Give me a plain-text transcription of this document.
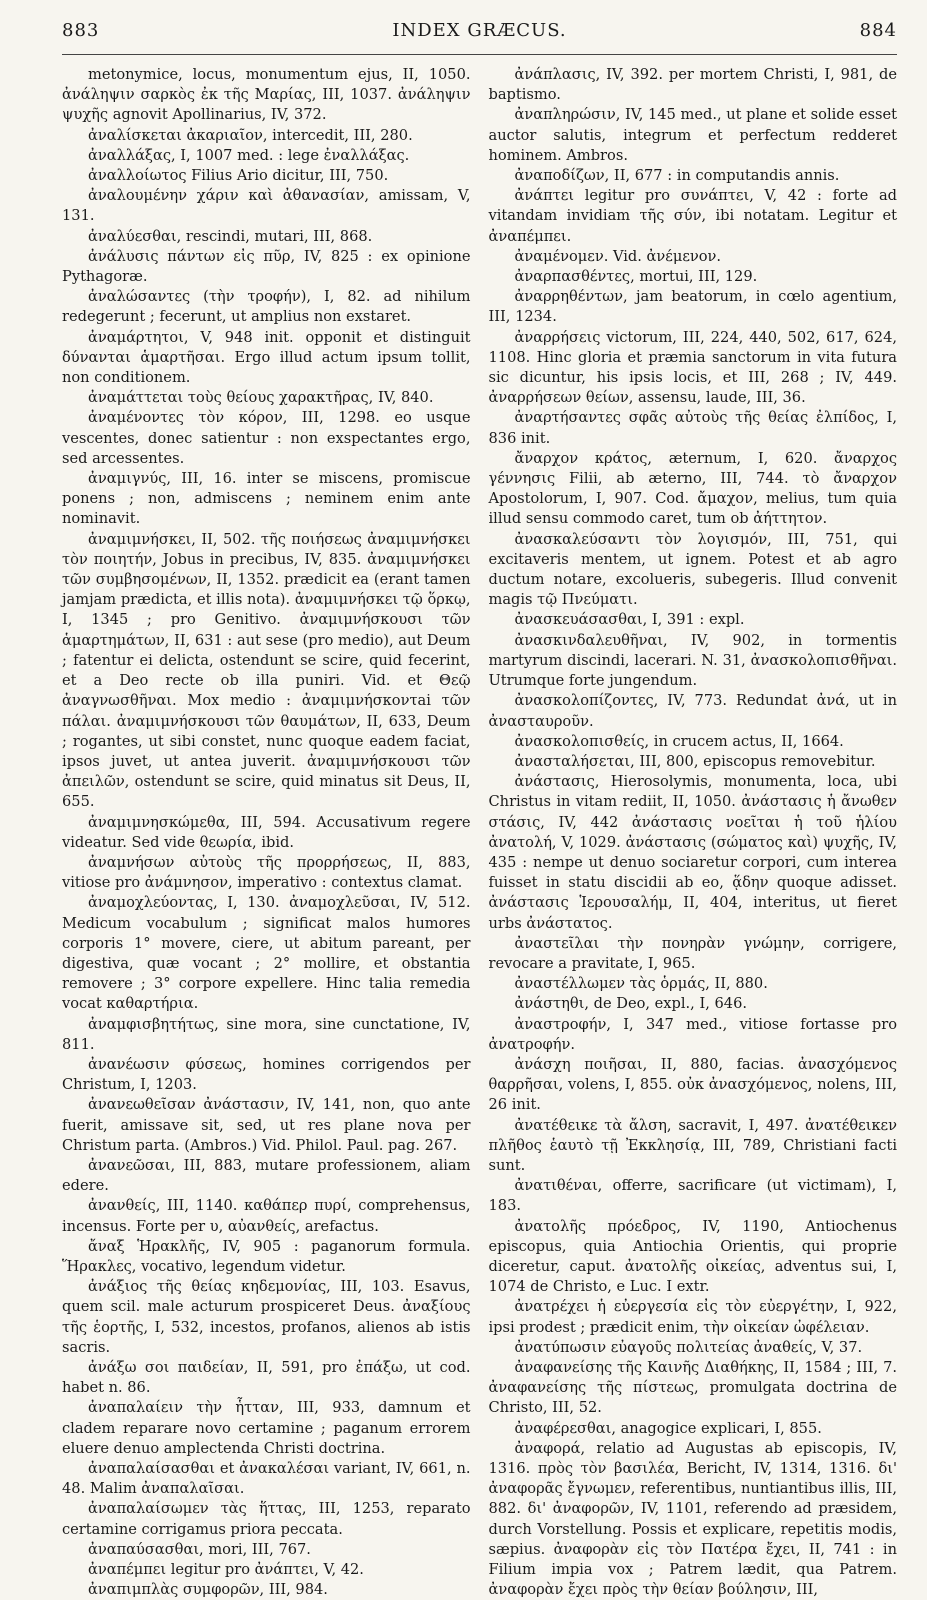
883	INDEX GRÆCUS.	884

metonymice, locus, monumentum ejus, II, 1050. ἀνάληψιν σαρκὸς ἐκ τῆς Μαρίας, III, 1037. ἀνάληψιν ψυχῆς agnovit Apollinarius, IV, 372.

ἀναλίσκεται ἀκαριαῖον, intercedit, III, 280.

ἀναλλάξας, I, 1007 med. : lege ἐναλλάξας.

ἀναλλοίωτος Filius Ario dicitur, III, 750.

ἀναλουμένην χάριν καὶ ἀθανασίαν, amissam, V, 131.

ἀναλύεσθαι, rescindi, mutari, III, 868.

ἀνάλυσις πάντων εἰς πῦρ, IV, 825 : ex opinione Pythagoræ.

ἀναλώσαντες (τὴν τροφήν), I, 82. ad nihilum redegerunt ; fecerunt, ut amplius non exstaret.

ἀναμάρτητοι, V, 948 init. opponit et distinguit δύνανται ἁμαρτῆσαι. Ergo illud actum ipsum tollit, non conditionem.

ἀναμάττεται τοὺς θείους χαρακτῆρας, IV, 840.

ἀναμένοντες τὸν κόρον, III, 1298. eo usque vescentes, donec satientur : non exspectantes ergo, sed arcessentes.

ἀναμιγνύς, III, 16. inter se miscens, promiscue ponens ; non, admiscens ; neminem enim ante nominavit.

ἀναμιμνήσκει, II, 502. τῆς ποιήσεως ἀναμιμνήσκει τὸν ποιητήν, Jobus in precibus, IV, 835. ἀναμιμνήσκει τῶν συμβησομένων, II, 1352. prædicit ea (erant tamen jamjam prædicta, et illis nota). ἀναμιμνήσκει τῷ ὅρκῳ, I, 1345 ; pro Genitivo. ἀναμιμνήσκουσι τῶν ἁμαρτημάτων, II, 631 : aut sese (pro medio), aut Deum ; fatentur ei delicta, ostendunt se scire, quid fecerint, et a Deo recte ob illa puniri. Vid. et Θεῷ ἀναγνωσθῆναι. Mox medio : ἀναμιμνήσκοντai τῶν πάλαι. ἀναμιμνήσκουσι τῶν θαυμάτων, II, 633, Deum ; rogantes, ut sibi constet, nunc quoque eadem faciat, ipsos juvet, ut antea juverit. ἀναμιμνήσκουσι τῶν ἀπειλῶν, ostendunt se scire, quid minatus sit Deus, II, 655.

ἀναμιμνησκώμεθα, III, 594. Accusativum regere videatur. Sed vide θεωρία, ibid.

ἀναμνήσων αὐτοὺς τῆς προρρήσεως, II, 883, vitiose pro ἀνάμνησον, imperativo : contextus clamat.

ἀναμοχλεύοντας, I, 130. ἀναμοχλεῦσαι, IV, 512. Medicum vocabulum ; significat malos humores corporis 1° movere, ciere, ut abitum pareant, per digestiva, quæ vocant ; 2° mollire, et obstantia removere ; 3° corpore expellere. Hinc talia remedia vocat καθαρτήρια.

ἀναμφισβητήτως, sine mora, sine cunctatione, IV, 811.

ἀνανέωσιν φύσεως, homines corrigendos per Christum, I, 1203.

ἀνανεωθεῖσαν ἀνάστασιν, IV, 141, non, quo ante fuerit, amissave sit, sed, ut res plane nova per Christum parta. (Ambros.) Vid. Philol. Paul. pag. 267.

ἀνανεῶσαι, III, 883, mutare professionem, aliam edere.

ἀνανθείς, III, 1140. καθάπερ πυρί, comprehensus, incensus. Forte per υ, αὐανθείς, arefactus.

ἄναξ Ἡρακλῆς, IV, 905 : paganorum formula. Ἥρακλες, vocativo, legendum videtur.

ἀνάξιος τῆς θείας κηδεμονίας, III, 103. Esavus, quem scil. male acturum prospiceret Deus. ἀναξίους τῆς ἑορτῆς, I, 532, incestos, profanos, alienos ab istis sacris.

ἀνάξω σοι παιδείαν, II, 591, pro ἐπάξω, ut cod. habet n. 86.

ἀναπαλαίειν τὴν ἧτταν, III, 933, damnum et cladem reparare novo certamine ; paganum errorem eluere denuo amplectenda Christi doctrina.

ἀναπαλαίσασθαι et ἀνακαλέσαι variant, IV, 661, n. 48. Malim ἀναπαλαῖσαι.

ἀναπαλαίσωμεν τὰς ἥττας, III, 1253, reparato certamine corrigamus priora peccata.

ἀναπαύσασθαι, mori, III, 767.

ἀναπέμπει legitur pro ἀνάπτει, V, 42.

ἀναπιμπλὰς συμφορῶν, III, 984.

ἀνάπλασις, IV, 392. per mortem Christi, I, 981, de baptismo.

ἀναπληρώσιν, IV, 145 med., ut plane et solide esset auctor salutis, integrum et perfectum redderet hominem. Ambros.

ἀναποδίζων, II, 677 : in computandis annis.

ἀνάπτει legitur pro συνάπτει, V, 42 : forte ad vitandam invidiam τῆς σύν, ibi notatam. Legitur et ἀναπέμπει.

ἀναμένομεν. Vid. ἀνέμενον.

ἀναρπασθέντες, mortui, III, 129.

ἀναρρηθέντων, jam beatorum, in cœlo agentium, III, 1234.

ἀναρρήσεις victorum, III, 224, 440, 502, 617, 624, 1108. Hinc gloria et præmia sanctorum in vita futura sic dicuntur, his ipsis locis, et III, 268 ; IV, 449. ἀναρρήσεων θείων, assensu, laude, III, 36.

ἀναρτήσαντες σφᾶς αὐτοὺς τῆς θείας ἐλπίδος, I, 836 init.

ἄναρχον κράτος, æternum, I, 620. ἄναρχος γέννησις Filii, ab æterno, III, 744. τὸ ἄναρχον Apostolorum, I, 907. Cod. ἄμαχον, melius, tum quia illud sensu commodo caret, tum ob ἀήττητον.

ἀνασκαλεύσαντι τὸν λογισμόν, III, 751, qui excitaveris mentem, ut ignem. Potest et ab agro ductum notare, excolueris, subegeris. Illud convenit magis τῷ Πνεύματι.

ἀνασκευάσασθαι, I, 391 : expl.

ἀνασκινδαλευθῆναι, IV, 902, in tormentis martyrum discindi, lacerari. N. 31, ἀνασκολοπισθῆναι. Utrumque forte jungendum.

ἀνασκολοπίζοντες, IV, 773. Redundat ἀνά, ut in ἀνασταυροῦν.

ἀνασκολοπισθείς, in crucem actus, II, 1664.

ἀνασταλήσεται, III, 800, episcopus removebitur.

ἀνάστασις, Hierosolymis, monumenta, loca, ubi Christus in vitam rediit, II, 1050. ἀνάστασις ἡ ἄνωθεν στάσις, IV, 442 ἀνάστασις νοεῖται ἡ τοῦ ἡλίου ἀνατολή, V, 1029. ἀνάστασις (σώματος καὶ) ψυχῆς, IV, 435 : nempe ut denuo sociaretur corpori, cum interea fuisset in statu discidii ab eo, ᾅδην quoque adisset. ἀνάστασις Ἱερουσαλήμ, II, 404, interitus, ut fieret urbs ἀνάστατος.

ἀναστεῖλαι τὴν πονηρὰν γνώμην, corrigere, revocare a pravitate, I, 965.

ἀναστέλλωμεν τὰς ὁρμάς, II, 880.

ἀνάστηθι, de Deo, expl., I, 646.

ἀναστροφήν, I, 347 med., vitiose fortasse pro ἀνατροφήν.

ἀνάσχη ποιῆσαι, II, 880, facias. ἀνασχόμενος θαρρῆσαι, volens, I, 855. οὐκ ἀνασχόμενος, nolens, III, 26 init.

ἀνατέθεικε τὰ ἄλση, sacravit, I, 497. ἀνατέθεικεν πλῆθος ἑαυτὸ τῇ Ἐκκλησίᾳ, III, 789, Christiani facti sunt.

ἀνατιθέναι, offerre, sacrificare (ut victimam), I, 183.

ἀνατολῆς πρόεδρος, IV, 1190, Antiochenus episcopus, quia Antiochia Orientis, qui proprie diceretur, caput. ἀνατολῆς οἰκείας, adventus sui, I, 1074 de Christo, e Luc. I extr.

ἀνατρέχει ἡ εὐεργεσία εἰς τὸν εὐεργέτην, I, 922, ipsi prodest ; prædicit enim, τὴν οἰκείαν ὠφέλειαν.

ἀνατύπωσιν εὐαγοῦς πολιτείας ἀναθείς, V, 37.

ἀναφανείσης τῆς Καινῆς Διαθήκης, II, 1584 ; III, 7. ἀναφανείσης τῆς πίστεως, promulgata doctrina de Christo, III, 52.

ἀναφέρεσθαι, anagogice explicari, I, 855.

ἀναφορά, relatio ad Augustas ab episcopis, IV, 1316. πρὸς τὸν βασιλέα, Bericht, IV, 1314, 1316. δι' ἀναφορᾶς ἔγνωμεν, referentibus, nuntiantibus illis, III, 882. δι' ἀναφορῶν, IV, 1101, referendo ad præsidem, durch Vorstellung. Possis et explicare, repetitis modis, sæpius. ἀναφορὰν εἰς τὸν Πατέρα ἔχει, II, 741 : in Filium impia vox ; Patrem lædit, qua Patrem. ἀναφορὰν ἔχει πρὸς τὴν θείαν βούλησιν, III,
